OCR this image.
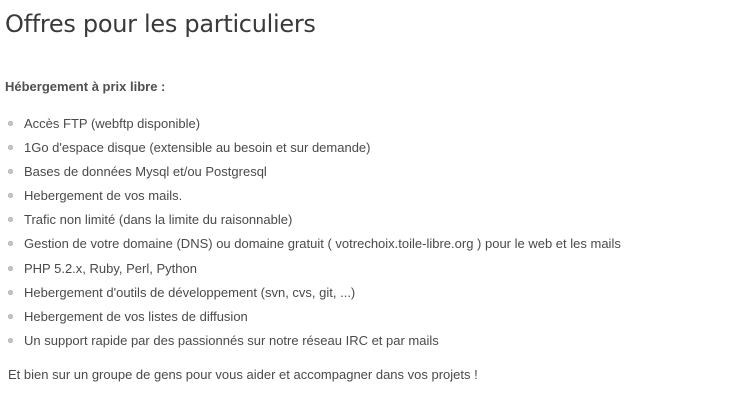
Offres pour les particuliers

Hébergement à prix libre :

Accès FTP (webftp disponible)
1Go d'espace disque (extensible au besoin et sur demande)
Bases de données Mysql et/ou Postgresql
Hebergement de vos mails.
Trafic non limité (dans la limite du raisonnable)
Gestion de votre domaine (DNS) ou domaine gratuit ( votrechoix.toile-libre.org ) pour le web et les mails
PHP 5.2.x, Ruby, Perl, Python
Hebergement d'outils de développement (svn, cvs, git, ...)
Hebergement de vos listes de diffusion
Un support rapide par des passionnés sur notre réseau IRC et par mails

Et bien sur un groupe de gens pour vous aider et accompagner dans vos projets !
